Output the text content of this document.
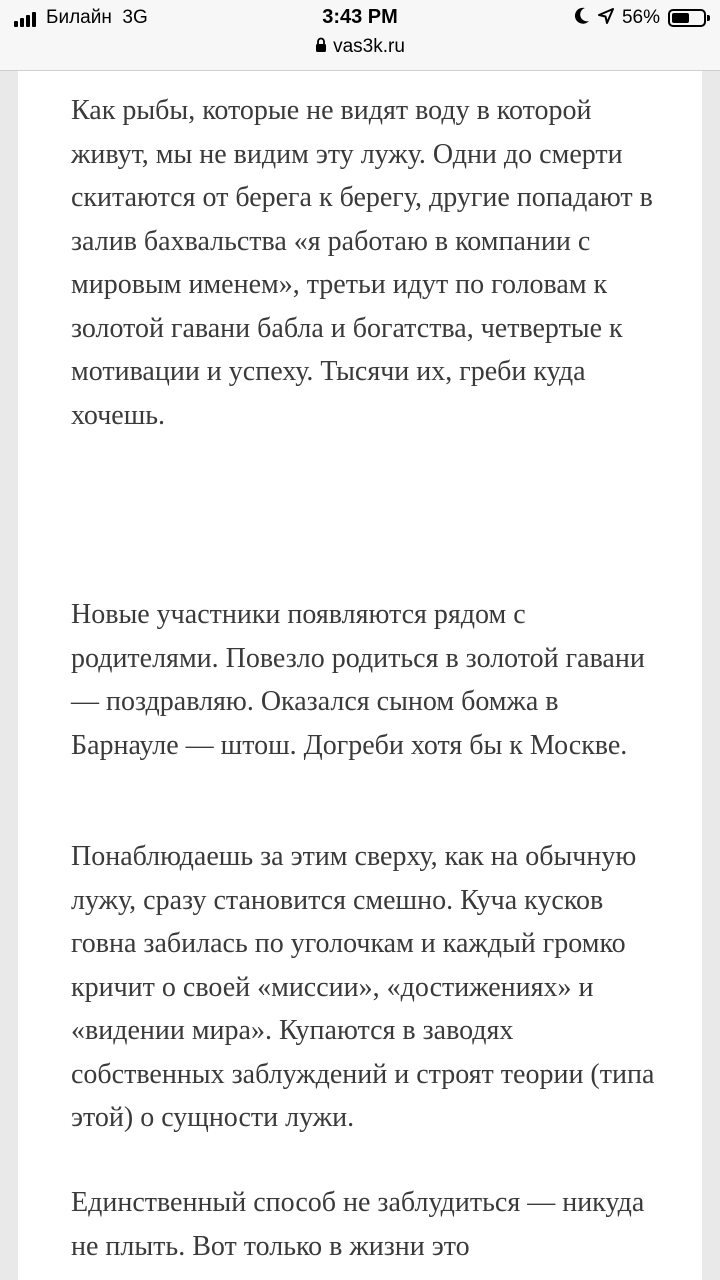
Билайн 3G	3:43 PM	56%
vas3k.ru

Как рыбы, которые не видят воду в которой живут, мы не видим эту лужу. Одни до смерти скитаются от берега к берегу, другие попадают в залив бахвальства «я работаю в компании с мировым именем», третьи идут по головам к золотой гавани бабла и богатства, четвертые к мотивации и успеху. Тысячи их, греби куда хочешь.

Новые участники появляются рядом с родителями. Повезло родиться в золотой гавани — поздравляю. Оказался сыном бомжа в Барнауле — штош. Догреби хотя бы к Москве.

Понаблюдаешь за этим сверху, как на обычную лужу, сразу становится смешно. Куча кусков говна забилась по уголочкам и каждый громко кричит о своей «миссии», «достижениях» и «видении мира». Купаются в заводях собственных заблуждений и строят теории (типа этой) о сущности лужи.

Единственный способ не заблудиться — никуда не плыть. Вот только в жизни это
